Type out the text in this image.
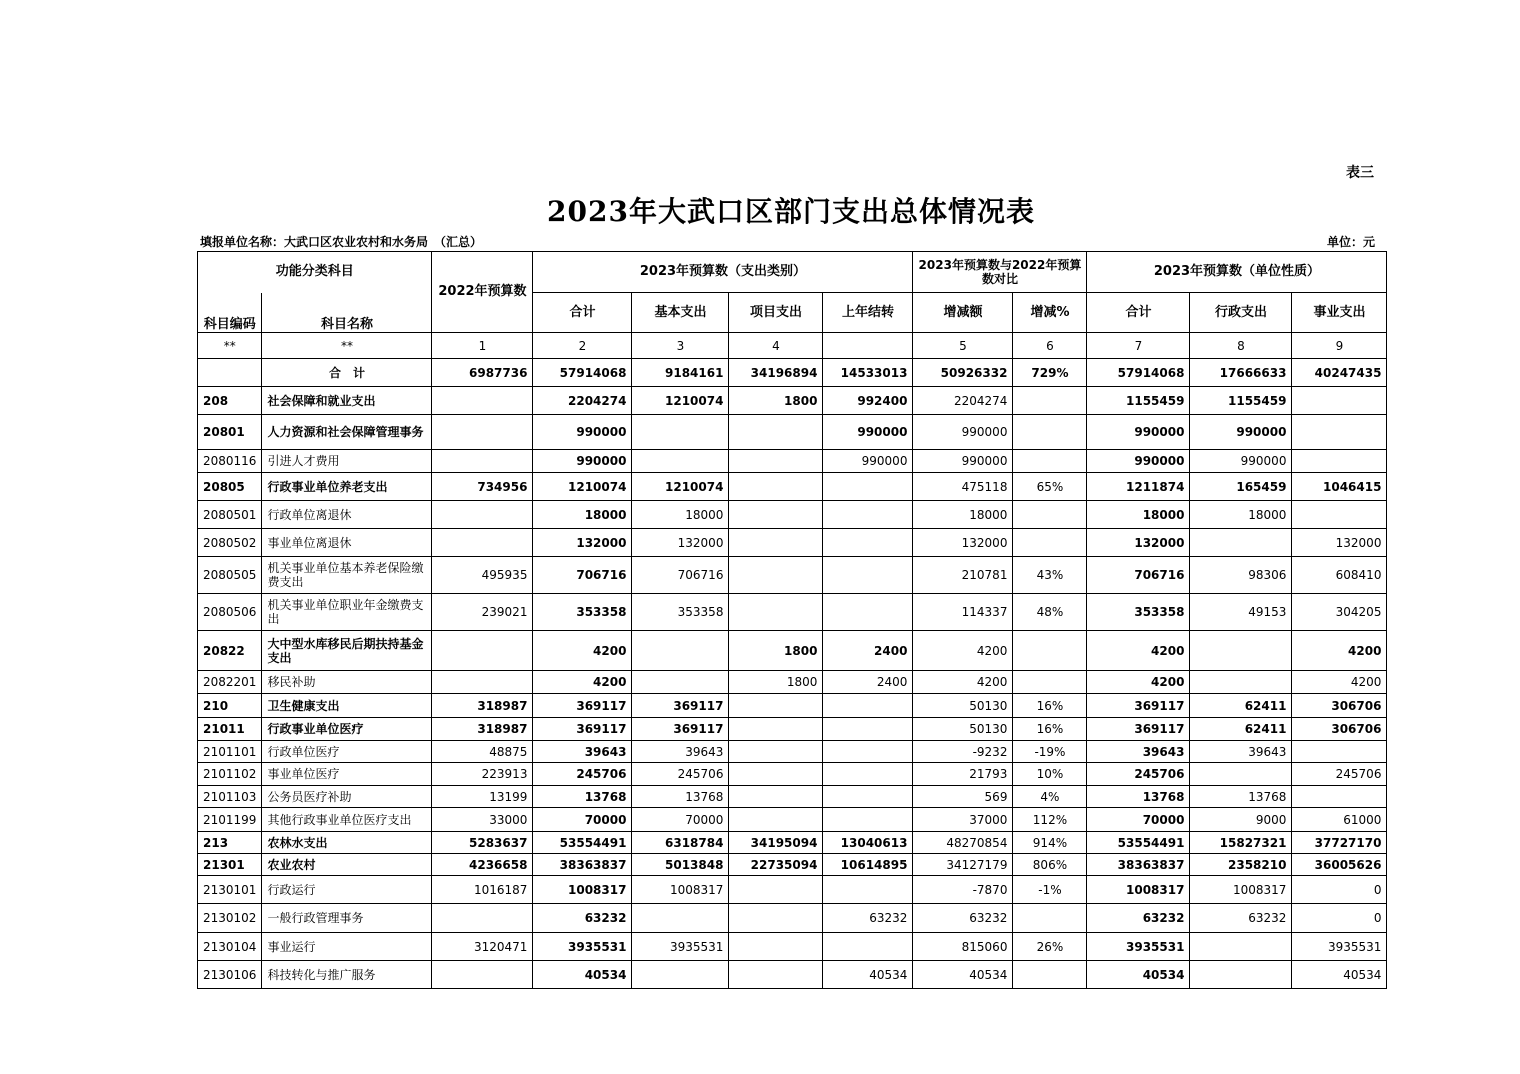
表三
2023年大武口区部门支出总体情况表
填报单位名称：大武口区农业农村和水务局　（汇总）	单位：元
功能分类科目		2022年预算数	2023年预算数（支出类别）				2023年预算数与2022年预算数对比		2023年预算数（单位性质）		
科目编码	科目名称		合计	基本支出	项目支出	上年结转	增减额	增减%	合计	行政支出	事业支出
**	**	1	2	3	4		5	6	7	8	9
	合　计	6987736	57914068	9184161	34196894	14533013	50926332	729%	57914068	17666633	40247435
208	社会保障和就业支出		2204274	1210074	1800	992400	2204274		1155459	1155459	
20801	人力资源和社会保障管理事务		990000			990000	990000		990000	990000	
2080116	引进人才费用		990000			990000	990000		990000	990000	
20805	行政事业单位养老支出	734956	1210074	1210074			475118	65%	1211874	165459	1046415
2080501	行政单位离退休		18000	18000			18000		18000	18000	
2080502	事业单位离退休		132000	132000			132000		132000		132000
2080505	机关事业单位基本养老保险缴费支出	495935	706716	706716			210781	43%	706716	98306	608410
2080506	机关事业单位职业年金缴费支出	239021	353358	353358			114337	48%	353358	49153	304205
20822	大中型水库移民后期扶持基金支出		4200		1800	2400	4200		4200		4200
2082201	移民补助		4200		1800	2400	4200		4200		4200
210	卫生健康支出	318987	369117	369117			50130	16%	369117	62411	306706
21011	行政事业单位医疗	318987	369117	369117			50130	16%	369117	62411	306706
2101101	行政单位医疗	48875	39643	39643			-9232	-19%	39643	39643	
2101102	事业单位医疗	223913	245706	245706			21793	10%	245706		245706
2101103	公务员医疗补助	13199	13768	13768			569	4%	13768	13768	
2101199	其他行政事业单位医疗支出	33000	70000	70000			37000	112%	70000	9000	61000
213	农林水支出	5283637	53554491	6318784	34195094	13040613	48270854	914%	53554491	15827321	37727170
21301	农业农村	4236658	38363837	5013848	22735094	10614895	34127179	806%	38363837	2358210	36005626
2130101	行政运行	1016187	1008317	1008317			-7870	-1%	1008317	1008317	0
2130102	一般行政管理事务		63232			63232	63232		63232	63232	0
2130104	事业运行	3120471	3935531	3935531			815060	26%	3935531		3935531
2130106	科技转化与推广服务		40534			40534	40534		40534		40534
